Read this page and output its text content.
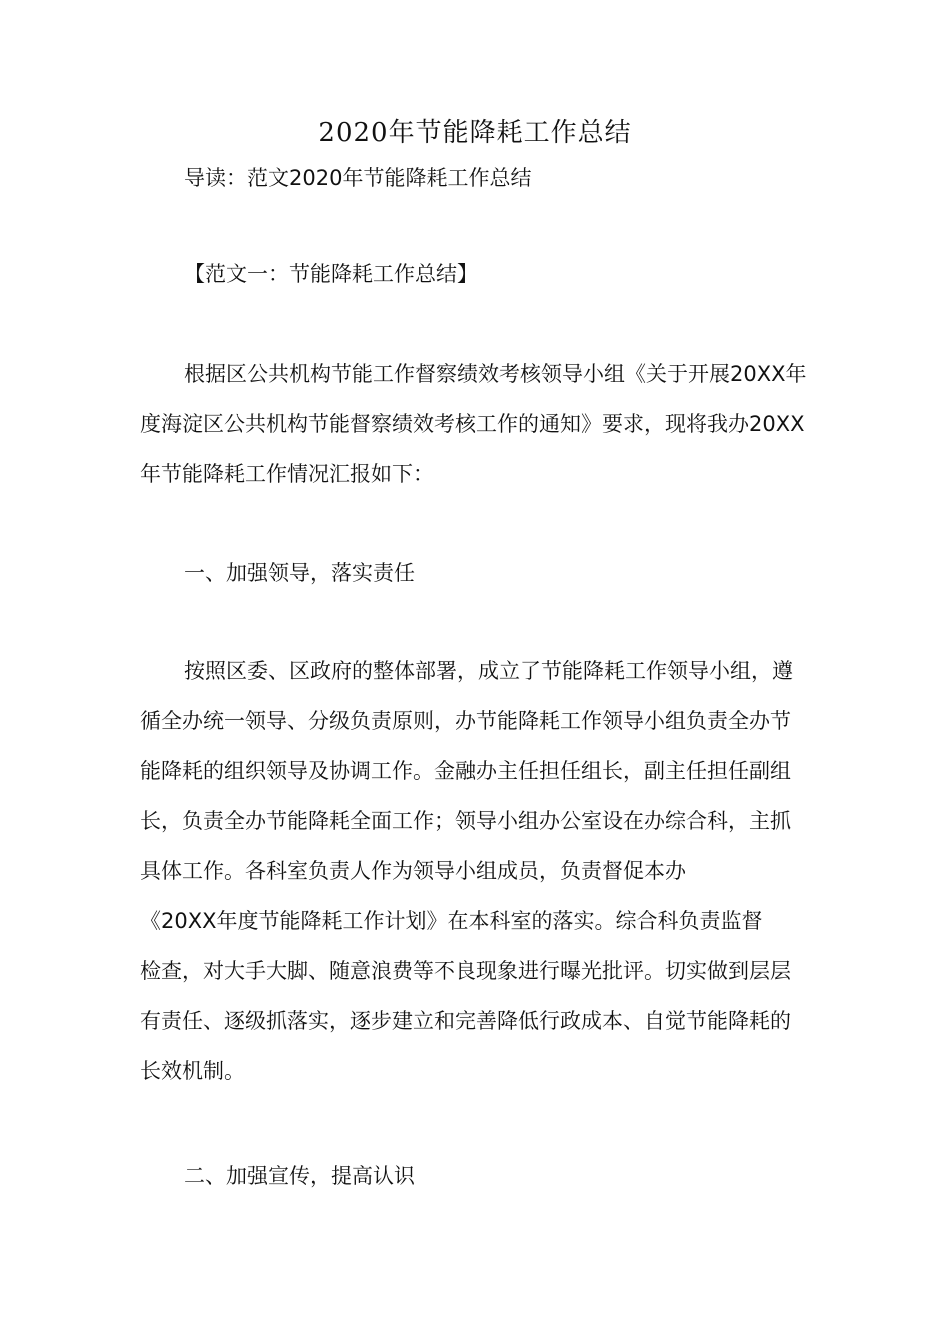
2020年节能降耗工作总结
导读：范文2020年节能降耗工作总结
【范文一：节能降耗工作总结】
根据区公共机构节能工作督察绩效考核领导小组《关于开展20XX年
度海淀区公共机构节能督察绩效考核工作的通知》要求，现将我办20XX
年节能降耗工作情况汇报如下：
一、加强领导，落实责任
按照区委、区政府的整体部署，成立了节能降耗工作领导小组，遵
循全办统一领导、分级负责原则，办节能降耗工作领导小组负责全办节
能降耗的组织领导及协调工作。金融办主任担任组长，副主任担任副组
长，负责全办节能降耗全面工作；领导小组办公室设在办综合科，主抓
具体工作。各科室负责人作为领导小组成员，负责督促本办
《20XX年度节能降耗工作计划》在本科室的落实。综合科负责监督
检查，对大手大脚、随意浪费等不良现象进行曝光批评。切实做到层层
有责任、逐级抓落实，逐步建立和完善降低行政成本、自觉节能降耗的
长效机制。
二、加强宣传，提高认识
